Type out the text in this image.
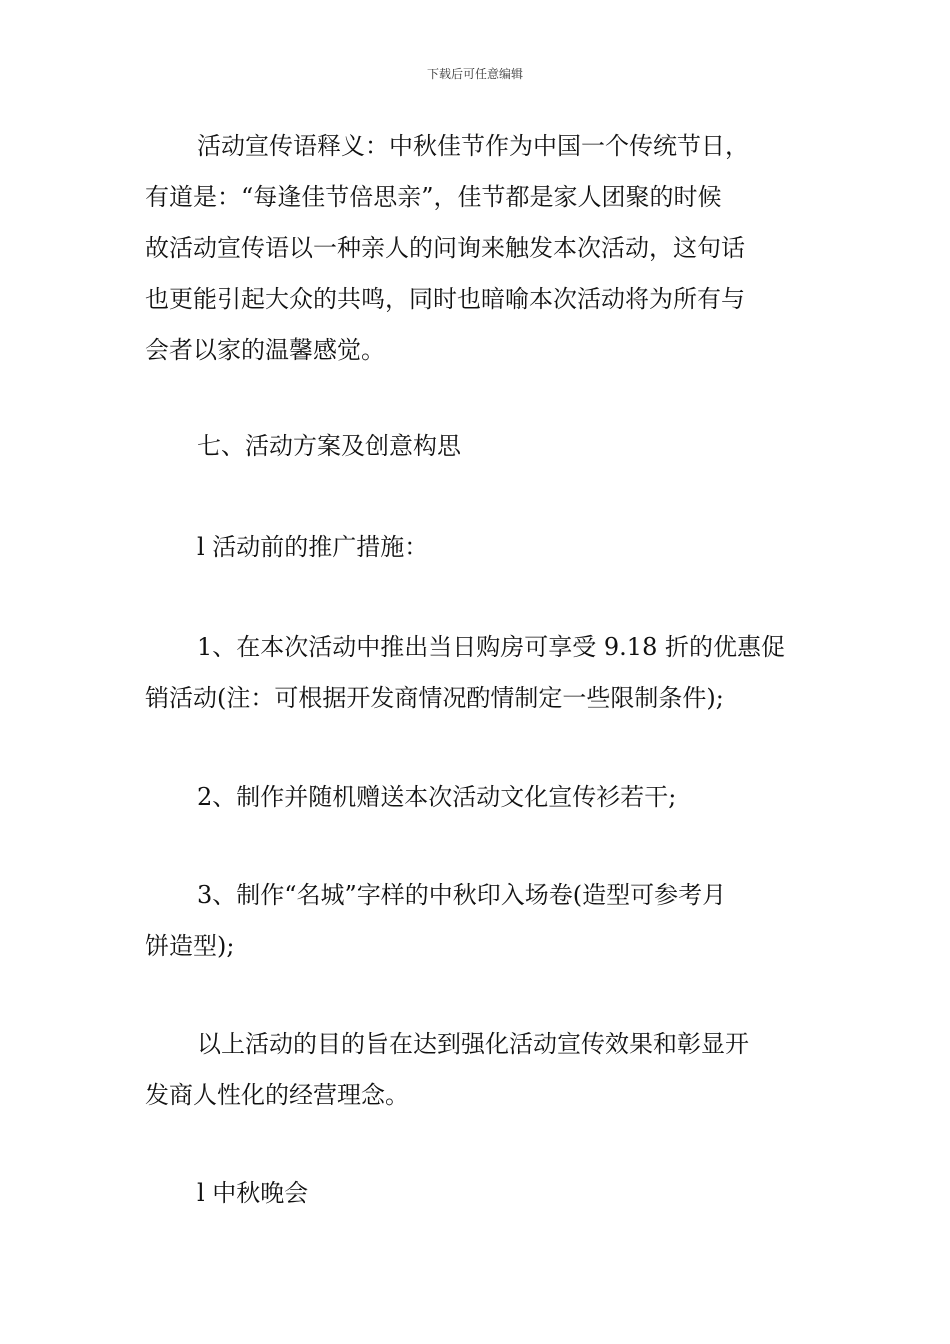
下载后可任意编辑
活动宣传语释义：中秋佳节作为中国一个传统节日，
有道是：“每逢佳节倍思亲”，佳节都是家人团聚的时候
故活动宣传语以一种亲人的问询来触发本次活动，这句话
也更能引起大众的共鸣，同时也暗喻本次活动将为所有与
会者以家的温馨感觉。
七、活动方案及创意构思
l 活动前的推广措施：
1、在本次活动中推出当日购房可享受 9.18 折的优惠促
销活动(注：可根据开发商情况酌情制定一些限制条件);
2、制作并随机赠送本次活动文化宣传衫若干;
3、制作“名城”字样的中秋印入场卷(造型可参考月
饼造型);
以上活动的目的旨在达到强化活动宣传效果和彰显开
发商人性化的经营理念。
l 中秋晚会
